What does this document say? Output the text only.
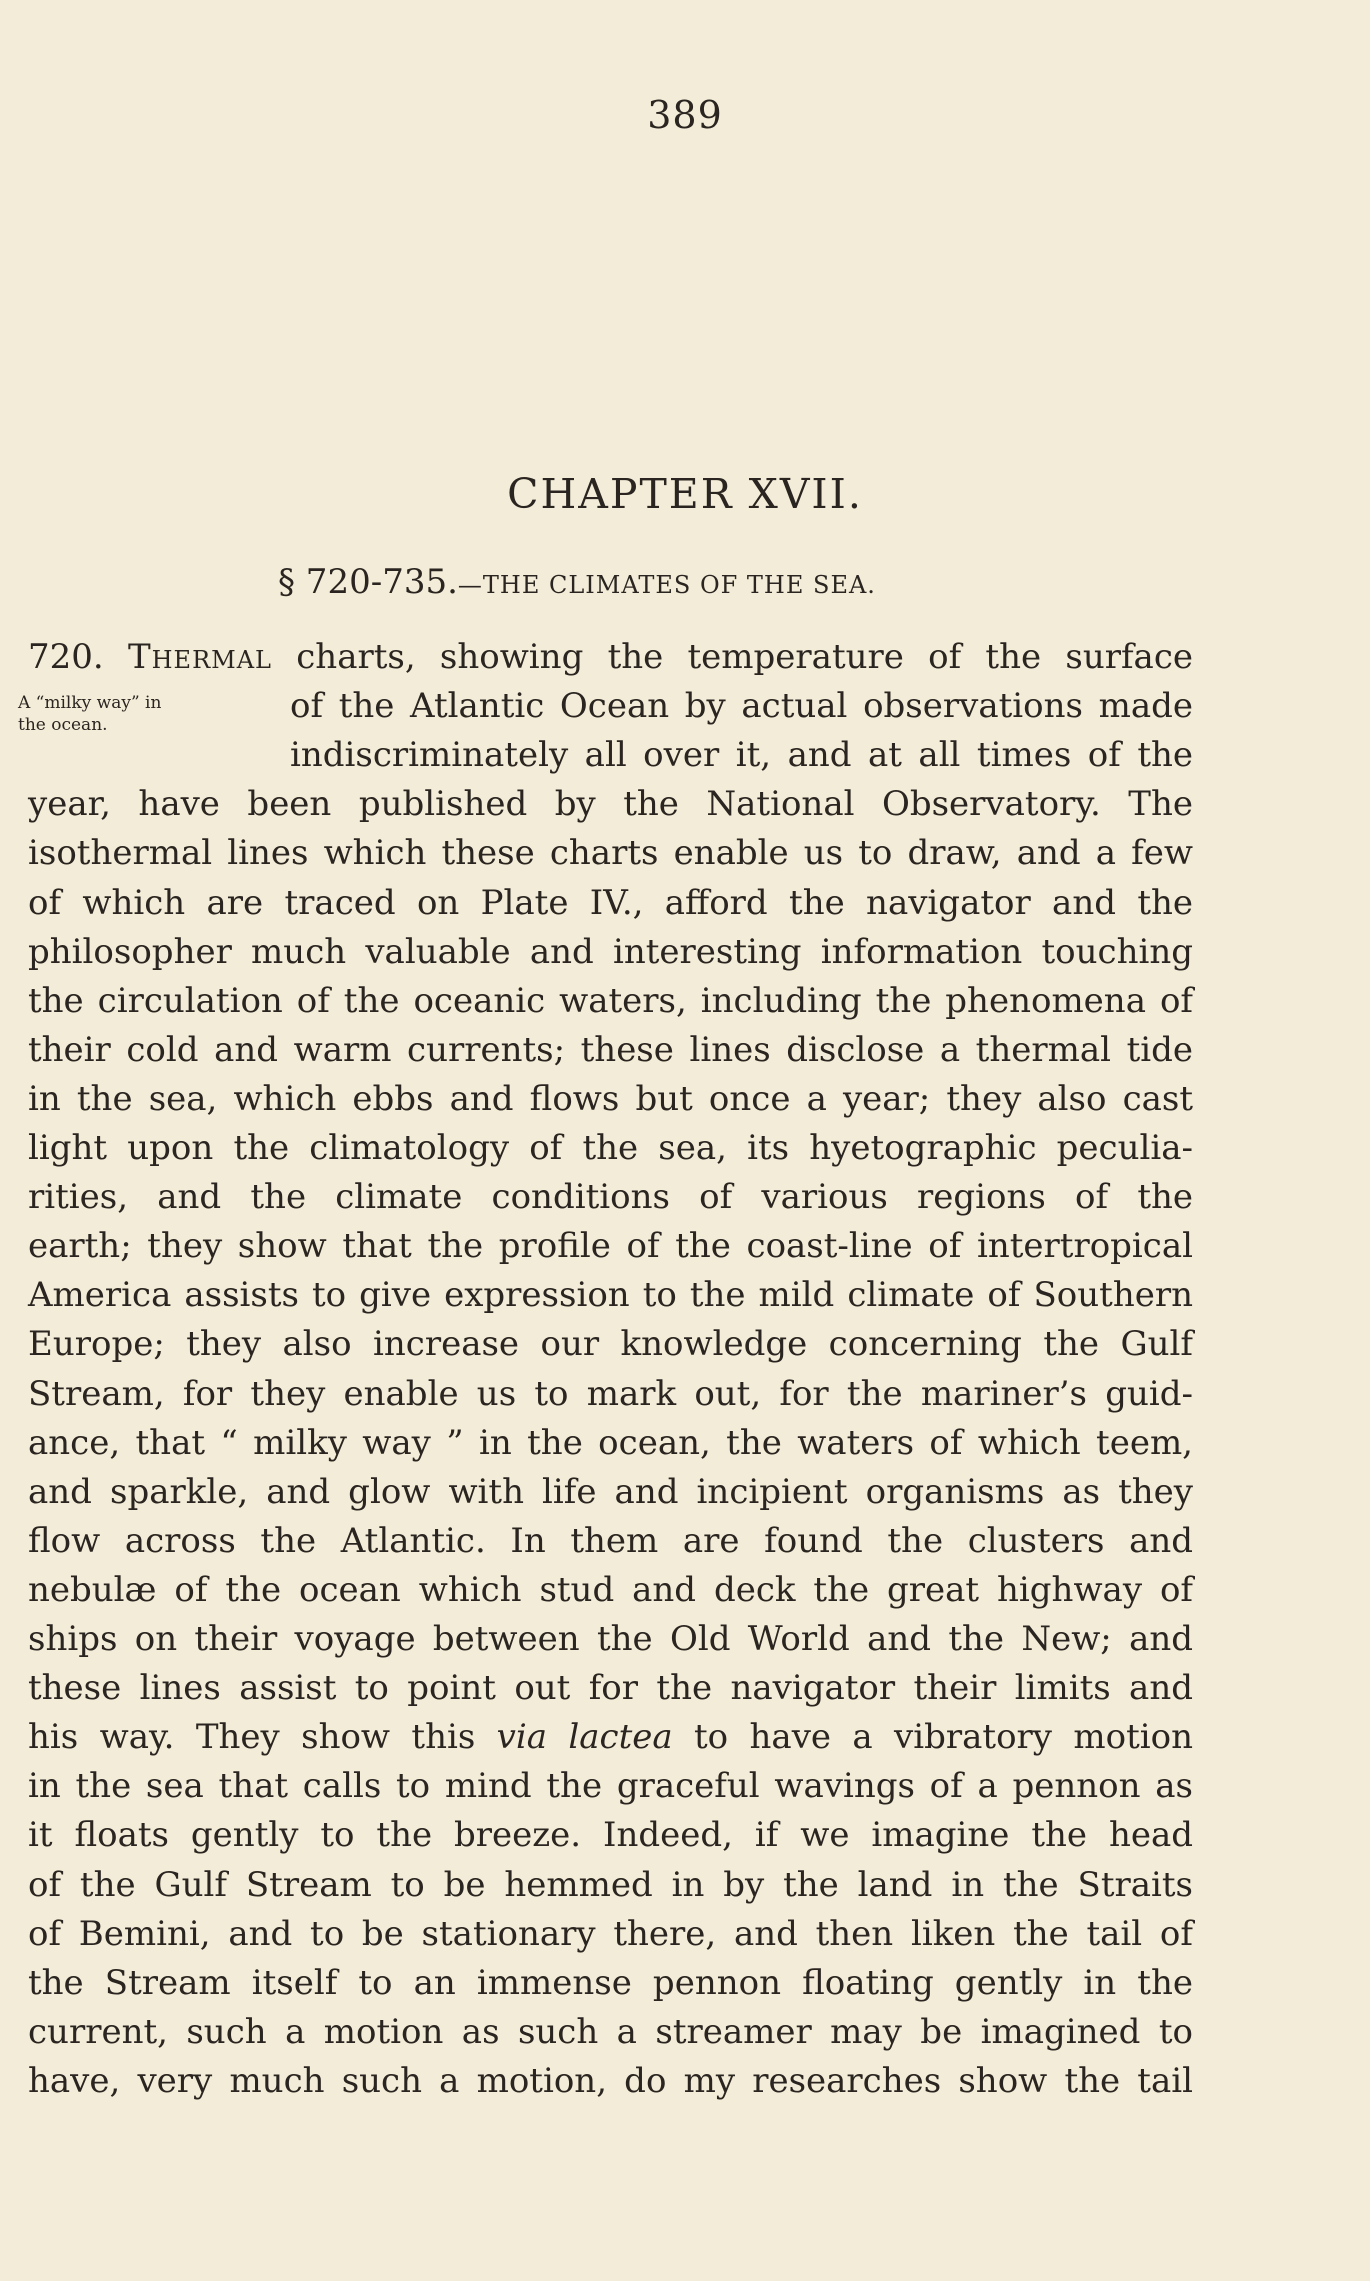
389
CHAPTER XVII.
§ 720-735.—THE CLIMATES OF THE SEA.
A “milky way” in
the ocean.
720. Thermal charts, showing the temperature of the surface
of the Atlantic Ocean by actual observations made
indiscriminately all over it, and at all times of the
year, have been published by the National Observatory. The
isothermal lines which these charts enable us to draw, and a few
of which are traced on Plate IV., afford the navigator and the
philosopher much valuable and interesting information touching
the circulation of the oceanic waters, including the phenomena of
their cold and warm currents; these lines disclose a thermal tide
in the sea, which ebbs and flows but once a year; they also cast
light upon the climatology of the sea, its hyetographic peculia-
rities, and the climate conditions of various regions of the
earth; they show that the profile of the coast-line of intertropical
America assists to give expression to the mild climate of Southern
Europe; they also increase our knowledge concerning the Gulf
Stream, for they enable us to mark out, for the mariner’s guid-
ance, that “ milky way ” in the ocean, the waters of which teem,
and sparkle, and glow with life and incipient organisms as they
flow across the Atlantic. In them are found the clusters and
nebulæ of the ocean which stud and deck the great highway of
ships on their voyage between the Old World and the New; and
these lines assist to point out for the navigator their limits and
his way. They show this via lactea to have a vibratory motion
in the sea that calls to mind the graceful wavings of a pennon as
it floats gently to the breeze. Indeed, if we imagine the head
of the Gulf Stream to be hemmed in by the land in the Straits
of Bemini, and to be stationary there, and then liken the tail of
the Stream itself to an immense pennon floating gently in the
current, such a motion as such a streamer may be imagined to
have, very much such a motion, do my researches show the tail
